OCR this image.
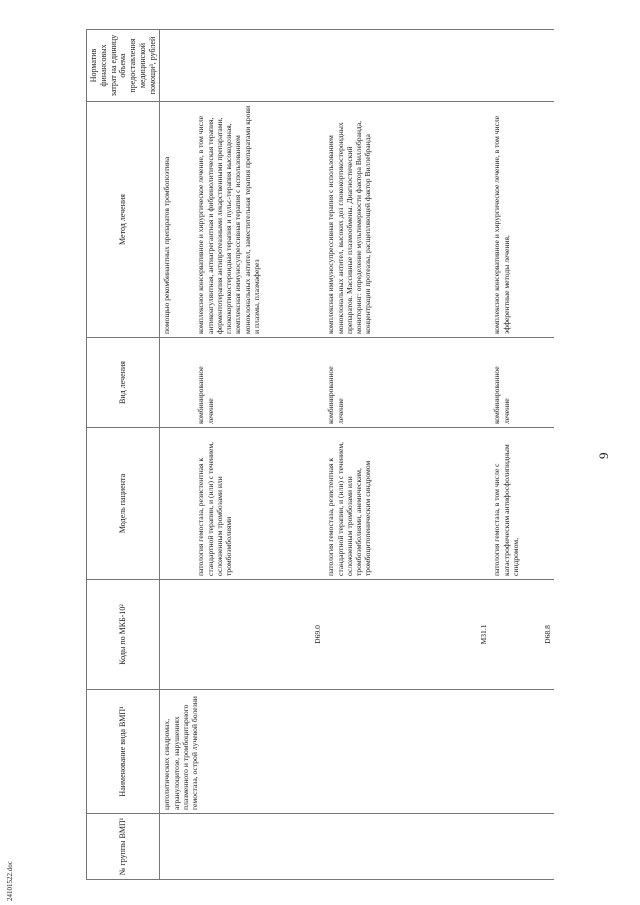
9
№ группы ВМП¹	Наименование вида ВМП¹	Коды по МКБ-10²	Модель пациента	Вид лечения	Метод лечения	Норматив финансовых затрат на единицу объема предоставления медицинской помощи³, рублей
	цитолитических синдромах, агранулоцитозе, нарушениях плазменного и тромбоцитарного гемостаза, острой лучевой болезни				помощью рекомбинантных препаратов тромбопоэтина	
		D69.0	патология гемостаза, резистентная к стандартной терапии, и (или) с течением, осложненным тромбозами или тромбоэмболиями	комбинированное лечение	комплексное консервативное и хирургическое лечение, в том числе антикоагулянтная, антиагрегантная и фибринолитическая терапия, ферментотерапия антипротеазными лекарственными препаратами, глюкокортикостероидная терапия и пульс-терапия высокодозная, комплексная иммуносупрессивная терапия с использованием моноклональных антител, заместительная терапия препаратами крови и плазмы, плазмаферез	
		M31.1	патология гемостаза, резистентная к стандартной терапии, и (или) с течением, осложненным тромбозами или тромбоэмболиями, анемическим, тромбоцитопеническим синдромом	комбинированное лечение	комплексная иммуносупрессивная терапия с использованием моноклональных антител, высоких доз глюкокортикостероидных препаратов. Массивные плазмообмены. Диагностический мониторинг: определение мультимерности фактора Виллебранда, концентрации протеазы, расщепляющей фактор Виллебранда	
		D68.8	патология гемостаза, в том числе с катастрофическим антифосфолипидным синдромом,	комбинированное лечение	комплексное консервативное и хирургическое лечение, в том числе эфферентные методы лечения,	
24101522.doc
